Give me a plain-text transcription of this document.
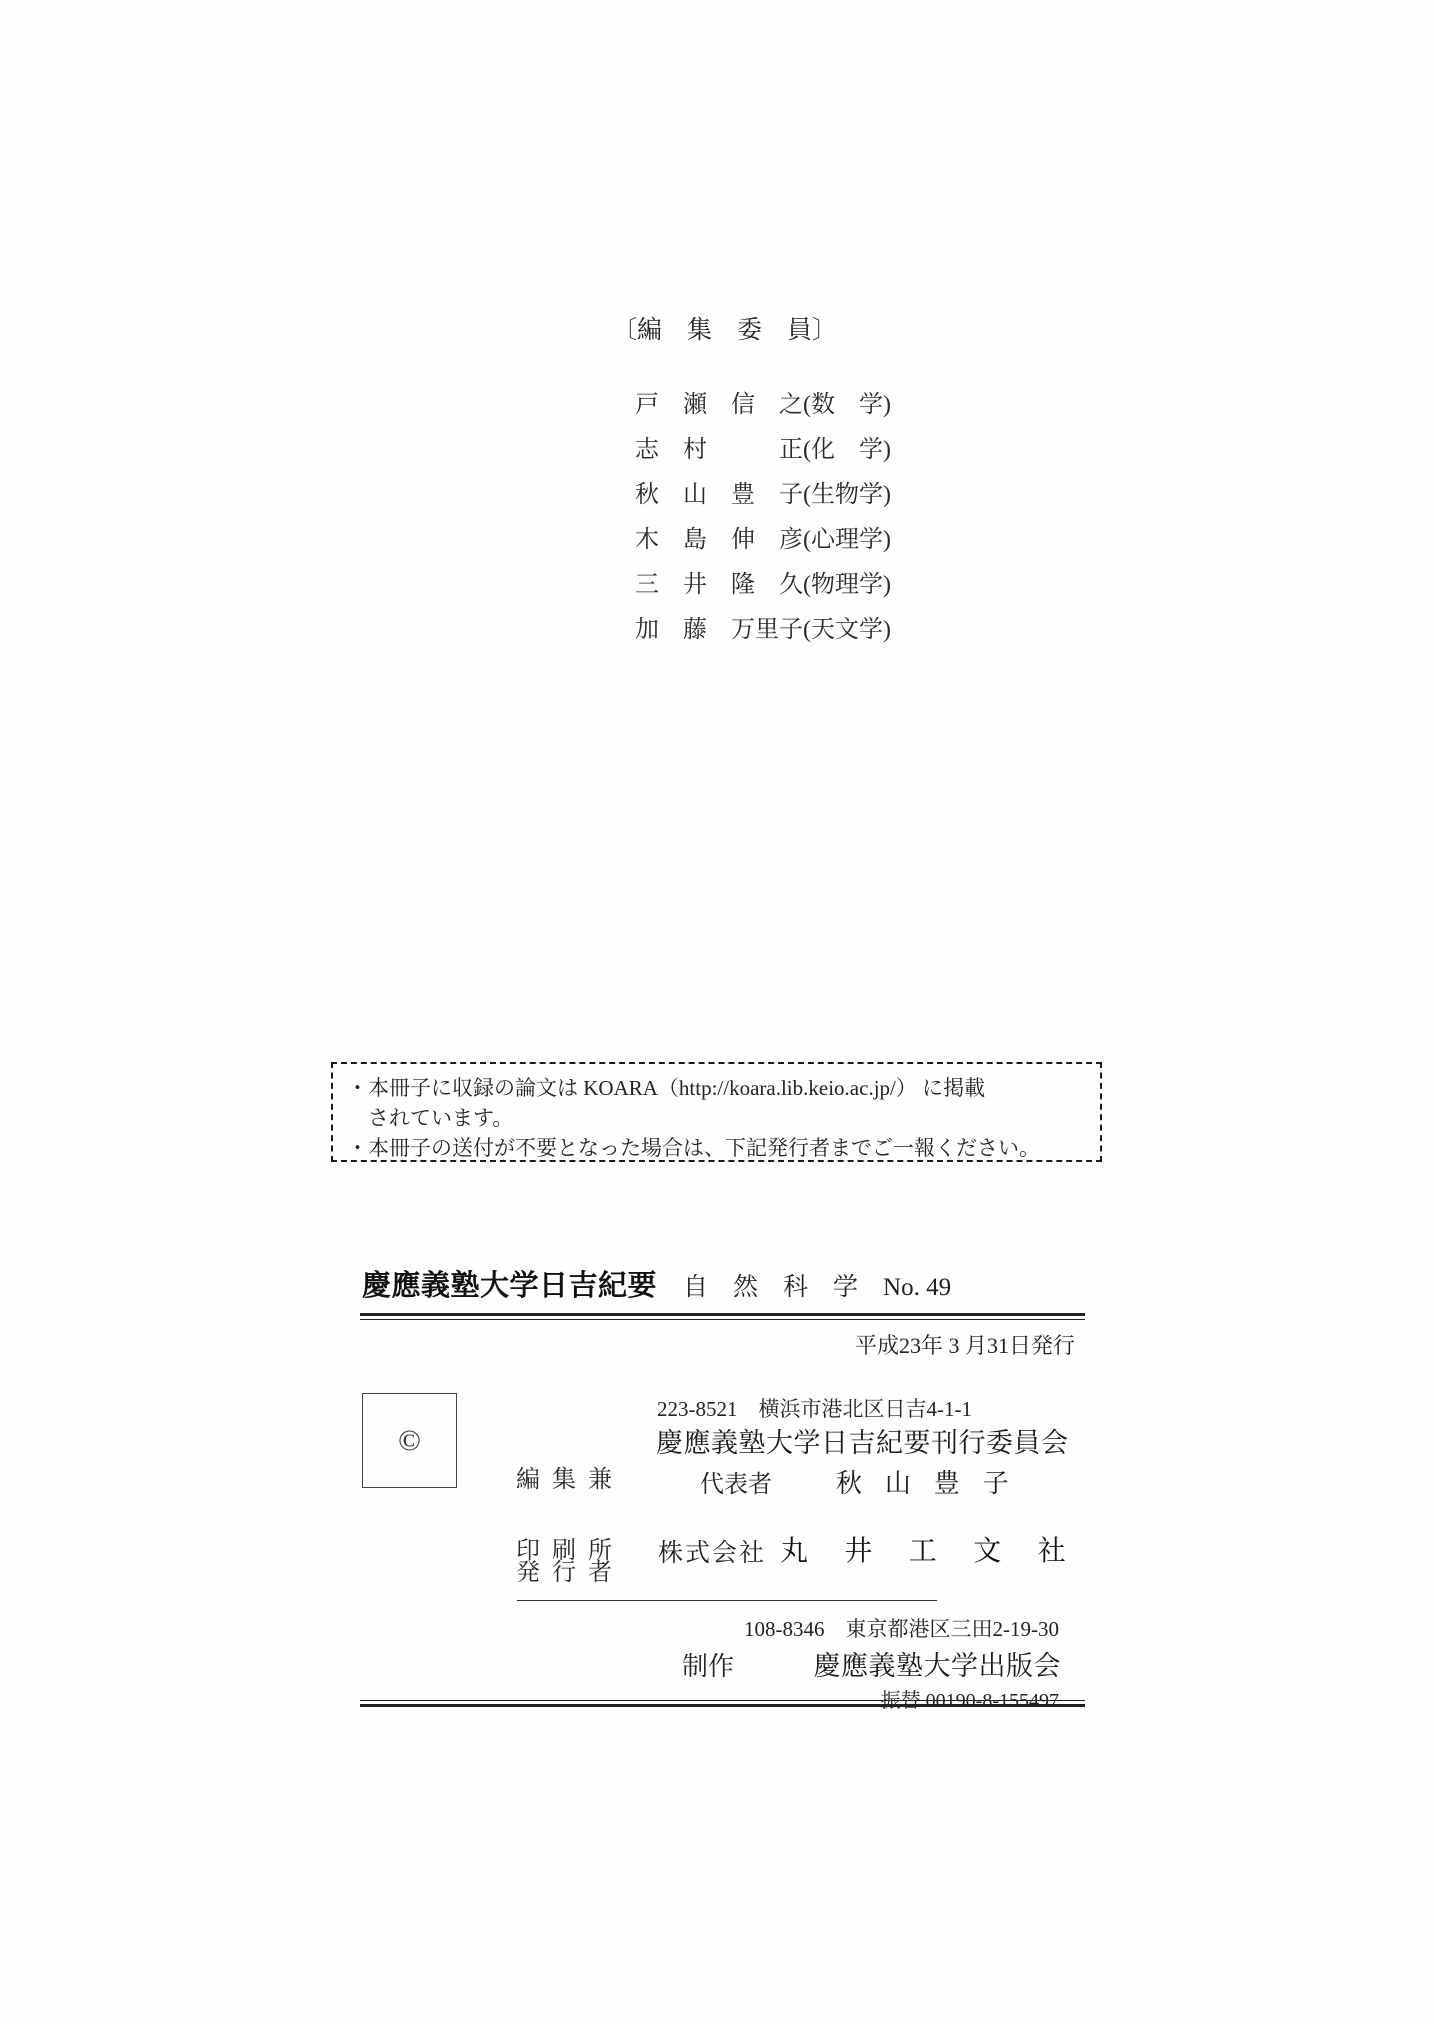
〔編　集　委　員〕

戸　瀬　信　之(数　学)

志　村　　　正(化　学)

秋　山　豊　子(生物学)

木　島　伸　彦(心理学)

三　井　隆　久(物理学)

加　藤　万里子(天文学)

・本冊子に収録の論文は KOARA（http://koara.lib.keio.ac.jp/） に掲載
されています。
・本冊子の送付が不要となった場合は、下記発行者までご一報ください。
慶應義塾大学日吉紀要 自然科学 No. 49
平成23年 3 月31日発行
©

編 集 兼

発 行 者

223-8521　横浜市港北区日吉4-1-1
慶應義塾大学日吉紀要刊行委員会
代表者 秋山豊子
印 刷 所 株式会社 丸井工文社
108-8346　東京都港区三田2-19-30
制作	慶應義塾大学出版会
振替 00190-8-155497
